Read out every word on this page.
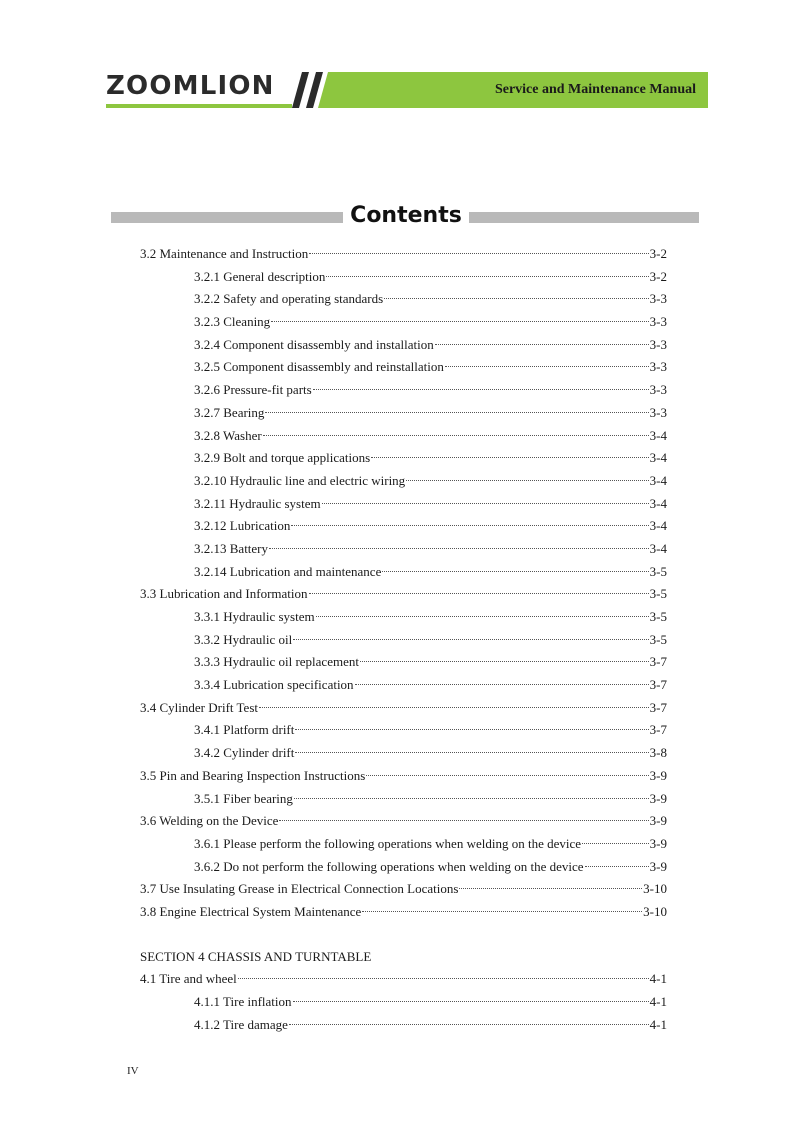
ZOOMLION	Service and Maintenance Manual
Contents
3.2 Maintenance and Instruction	3-2
3.2.1 General description	3-2
3.2.2 Safety and operating standards	3-3
3.2.3 Cleaning	3-3
3.2.4 Component disassembly and installation	3-3
3.2.5 Component disassembly and reinstallation	3-3
3.2.6 Pressure-fit parts	3-3
3.2.7 Bearing	3-3
3.2.8 Washer	3-4
3.2.9 Bolt and torque applications	3-4
3.2.10 Hydraulic line and electric wiring	3-4
3.2.11 Hydraulic system	3-4
3.2.12 Lubrication	3-4
3.2.13 Battery	3-4
3.2.14 Lubrication and maintenance	3-5
3.3 Lubrication and Information	3-5
3.3.1 Hydraulic system	3-5
3.3.2 Hydraulic oil	3-5
3.3.3 Hydraulic oil replacement	3-7
3.3.4 Lubrication specification	3-7
3.4 Cylinder Drift Test	3-7
3.4.1 Platform drift	3-7
3.4.2 Cylinder drift	3-8
3.5 Pin and Bearing Inspection Instructions	3-9
3.5.1 Fiber bearing	3-9
3.6 Welding on the Device	3-9
3.6.1 Please perform the following operations when welding on the device	3-9
3.6.2 Do not perform the following operations when welding on the device	3-9
3.7 Use Insulating Grease in Electrical Connection Locations	3-10
3.8 Engine Electrical System Maintenance	3-10
SECTION 4 CHASSIS AND TURNTABLE
4.1 Tire and wheel	4-1
4.1.1 Tire inflation	4-1
4.1.2 Tire damage	4-1
IV
